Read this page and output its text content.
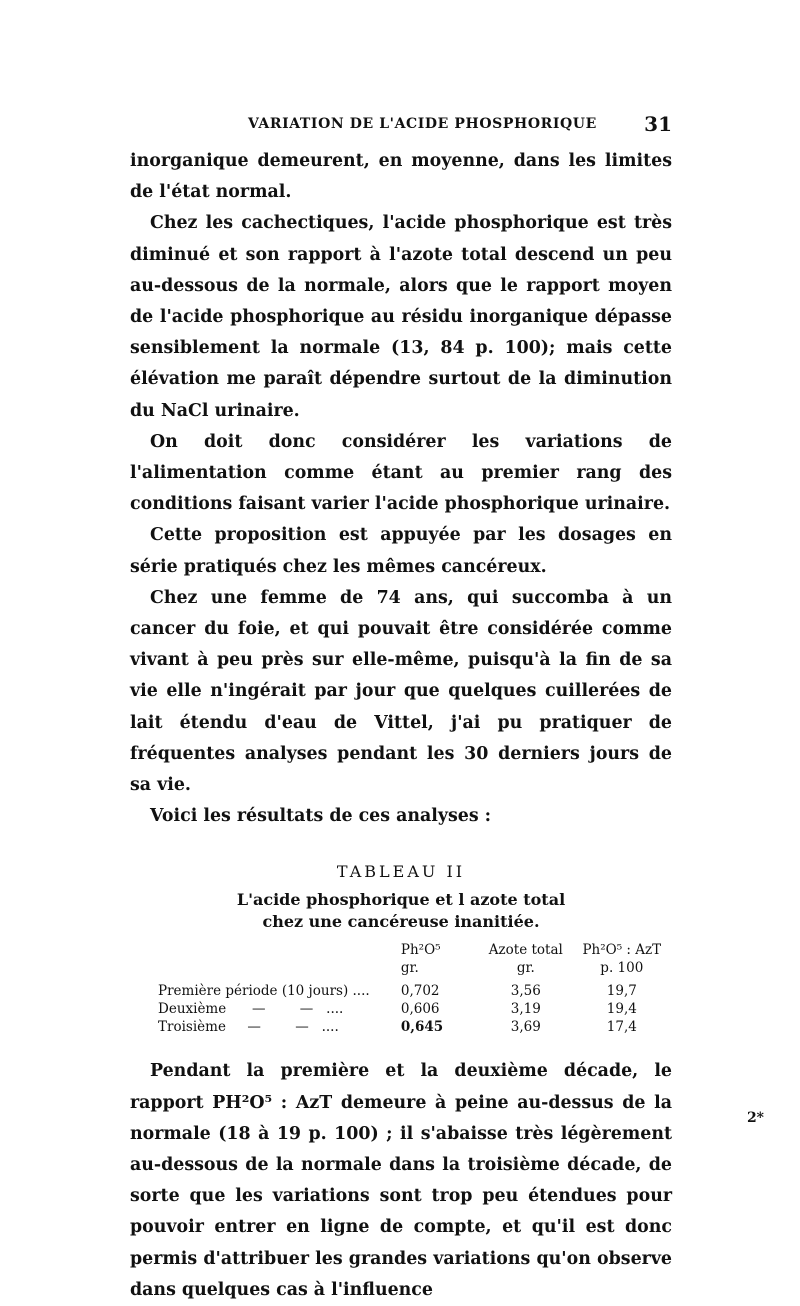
VARIATION DE L'ACIDE PHOSPHORIQUE 31

inorganique demeurent, en moyenne, dans les limites de l'état normal.

Chez les cachectiques, l'acide phosphorique est très diminué et son rapport à l'azote total descend un peu au-dessous de la normale, alors que le rapport moyen de l'acide phosphorique au résidu inorganique dépasse sensiblement la normale (13, 84 p. 100); mais cette élévation me paraît dépendre surtout de la diminution du NaCl urinaire.

On doit donc considérer les variations de l'alimentation comme étant au premier rang des conditions faisant varier l'acide phosphorique urinaire.

Cette proposition est appuyée par les dosages en série pratiqués chez les mêmes cancéreux.

Chez une femme de 74 ans, qui succomba à un cancer du foie, et qui pouvait être considérée comme vivant à peu près sur elle-même, puisqu'à la fin de sa vie elle n'ingérait par jour que quelques cuillerées de lait étendu d'eau de Vittel, j'ai pu pratiquer de fréquentes analyses pendant les 30 derniers jours de sa vie.

Voici les résultats de ces analyses :

TABLEAU II
L'acide phosphorique et l azote total
chez une cancéreuse inanitiée.
	Ph²O⁵	Azote total	Ph²O⁵ : AzT
	gr.	gr.	p. 100
Première période (10 jours) ....	0,702	3,56	19,7
Deuxième      —        —   ....	0,606	3,19	19,4
Troisième     —        —   ....	0,645	3,69	17,4

Pendant la première et la deuxième décade, le rapport PH²O⁵ : AzT demeure à peine au-dessus de la normale (18 à 19 p. 100) ; il s'abaisse très légèrement au-dessous de la normale dans la troisième décade, de sorte que les variations sont trop peu étendues pour pouvoir entrer en ligne de compte, et qu'il est donc permis d'attribuer les grandes variations qu'on observe dans quelques cas à l'influence

2*
